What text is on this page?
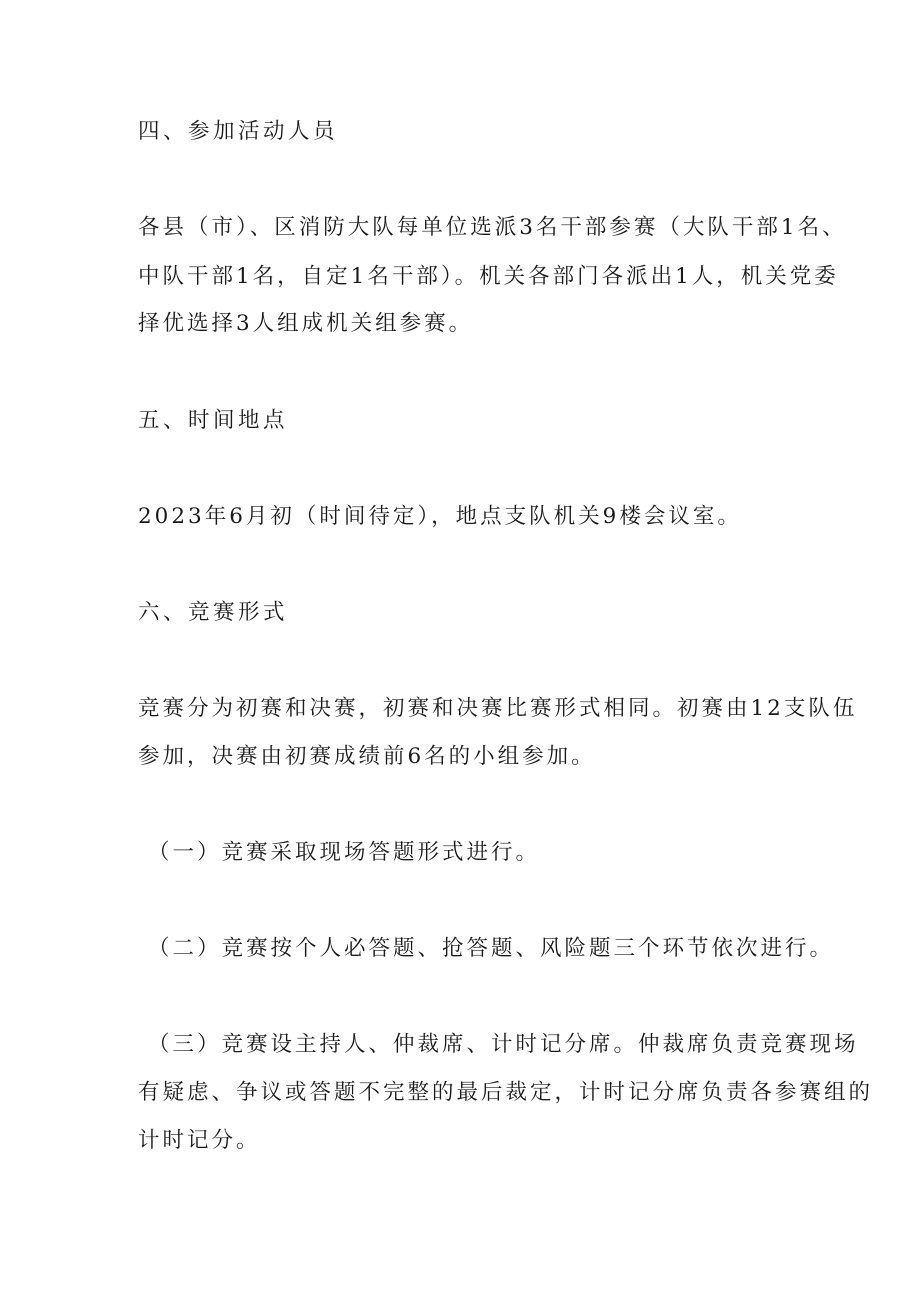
四、参加活动人员

各县（市）、区消防大队每单位选派3名干部参赛（大队干部1名、

中队干部1名，自定1名干部）。机关各部门各派出1人，机关党委

择优选择3人组成机关组参赛。

五、时间地点

2023年6月初（时间待定），地点支队机关9楼会议室。

六、竞赛形式

竞赛分为初赛和决赛，初赛和决赛比赛形式相同。初赛由12支队伍

参加，决赛由初赛成绩前6名的小组参加。

（一）竞赛采取现场答题形式进行。

（二）竞赛按个人必答题、抢答题、风险题三个环节依次进行。

（三）竞赛设主持人、仲裁席、计时记分席。仲裁席负责竞赛现场

有疑虑、争议或答题不完整的最后裁定，计时记分席负责各参赛组的

计时记分。
